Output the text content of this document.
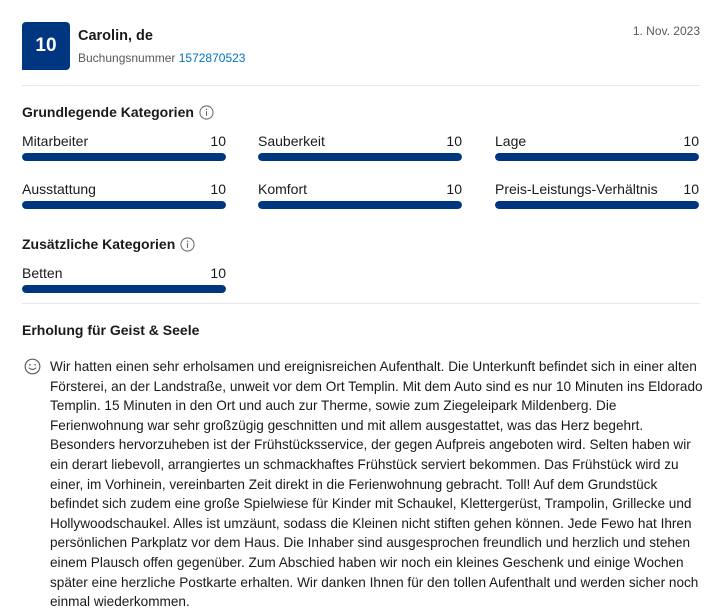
10	Carolin, de
Buchungsnummer 1572870523
1. Nov. 2023
Grundlegende Kategorien
Mitarbeiter	10 Sauberkeit	10 Lage	10
Ausstattung	10 Komfort	10 Preis-Leistungs-Verhältnis 10
Zusätzliche Kategorien
Betten	10
Erholung für Geist & Seele
Wir hatten einen sehr erholsamen und ereignisreichen Aufenthalt. Die Unterkunft befindet sich in einer alten Försterei, an der Landstraße, unweit vor dem Ort Templin. Mit dem Auto sind es nur 10 Minuten ins Eldorado Templin. 15 Minuten in den Ort und auch zur Therme, sowie zum Ziegeleipark Mildenberg. Die Ferienwohnung war sehr großzügig geschnitten und mit allem ausgestattet, was das Herz begehrt. Besonders hervorzuheben ist der Frühstücksservice, der gegen Aufpreis angeboten wird. Selten haben wir ein derart liebevoll, arrangiertes un schmackhaftes Frühstück serviert bekommen. Das Frühstück wird zu einer, im Vorhinein, vereinbarten Zeit direkt in die Ferienwohnung gebracht. Toll! Auf dem Grundstück befindet sich zudem eine große Spielwiese für Kinder mit Schaukel, Klettergerüst, Trampolin, Grillecke und Hollywoodschaukel. Alles ist umzäunt, sodass die Kleinen nicht stiften gehen können. Jede Fewo hat Ihren persönlichen Parkplatz vor dem Haus. Die Inhaber sind ausgesprochen freundlich und herzlich und stehen einem Plausch offen gegenüber. Zum Abschied haben wir noch ein kleines Geschenk und einige Wochen später eine herzliche Postkarte erhalten. Wir danken Ihnen für den tollen Aufenthalt und werden sicher noch einmal wiederkommen.
